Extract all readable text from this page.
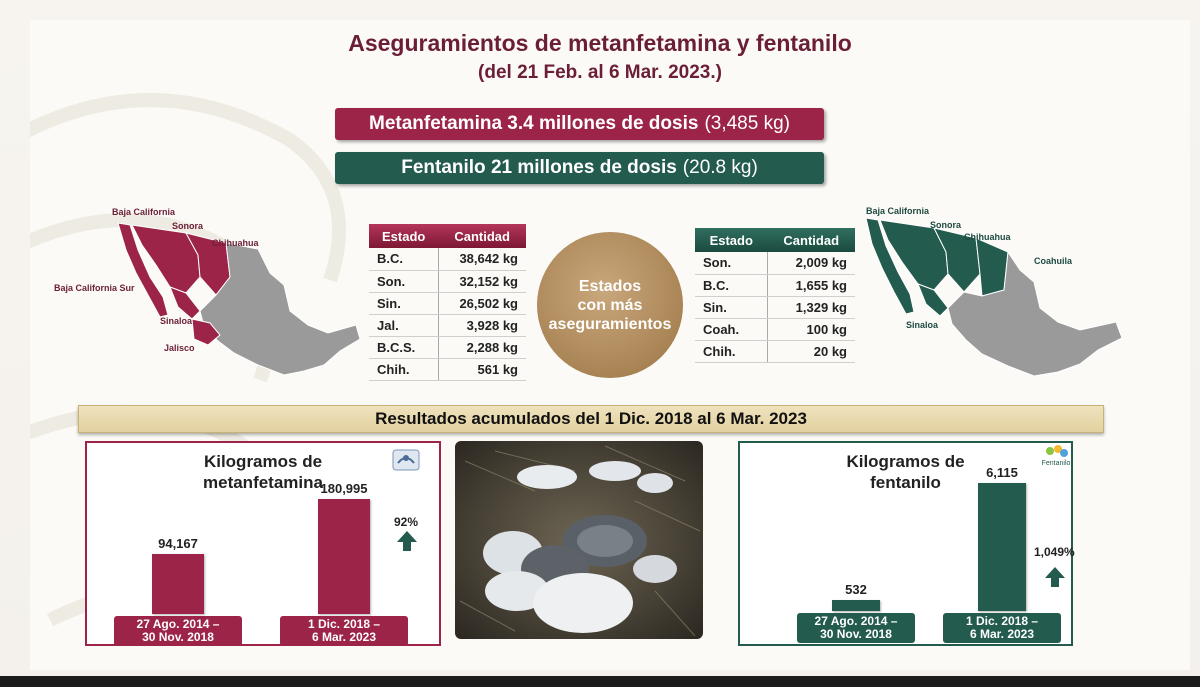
Aseguramientos de metanfetamina y fentanilo
(del 21 Feb. al 6 Mar. 2023.)
Metanfetamina 3.4 millones de dosis (3,485 kg)
Fentanilo 21 millones de dosis (20.8 kg)
Baja California
Sonora
Chihuahua
Baja California Sur
Sinaloa
Jalisco
Estado	Cantidad
B.C.	38,642 kg
Son.	32,152 kg
Sin.	26,502 kg
Jal.	3,928 kg
B.C.S.	2,288 kg
Chih.	561 kg
Estados
con más
aseguramientos
Estado	Cantidad
Son.	2,009 kg
B.C.	1,655 kg
Sin.	1,329 kg
Coah.	100 kg
Chih.	20 kg
Baja California
Sonora
Chihuahua
Coahuila
Sinaloa
Resultados acumulados del 1 Dic. 2018 al 6 Mar. 2023
Kilogramos de
metanfetamina
Kilogramos de
fentanilo
Fentanilo
94,167
27 Ago. 2014 –
30 Nov. 2018
180,995
1 Dic. 2018 –
6 Mar. 2023
92%
532
27 Ago. 2014 –
30 Nov. 2018
6,115
1 Dic. 2018 –
6 Mar. 2023
1,049%
